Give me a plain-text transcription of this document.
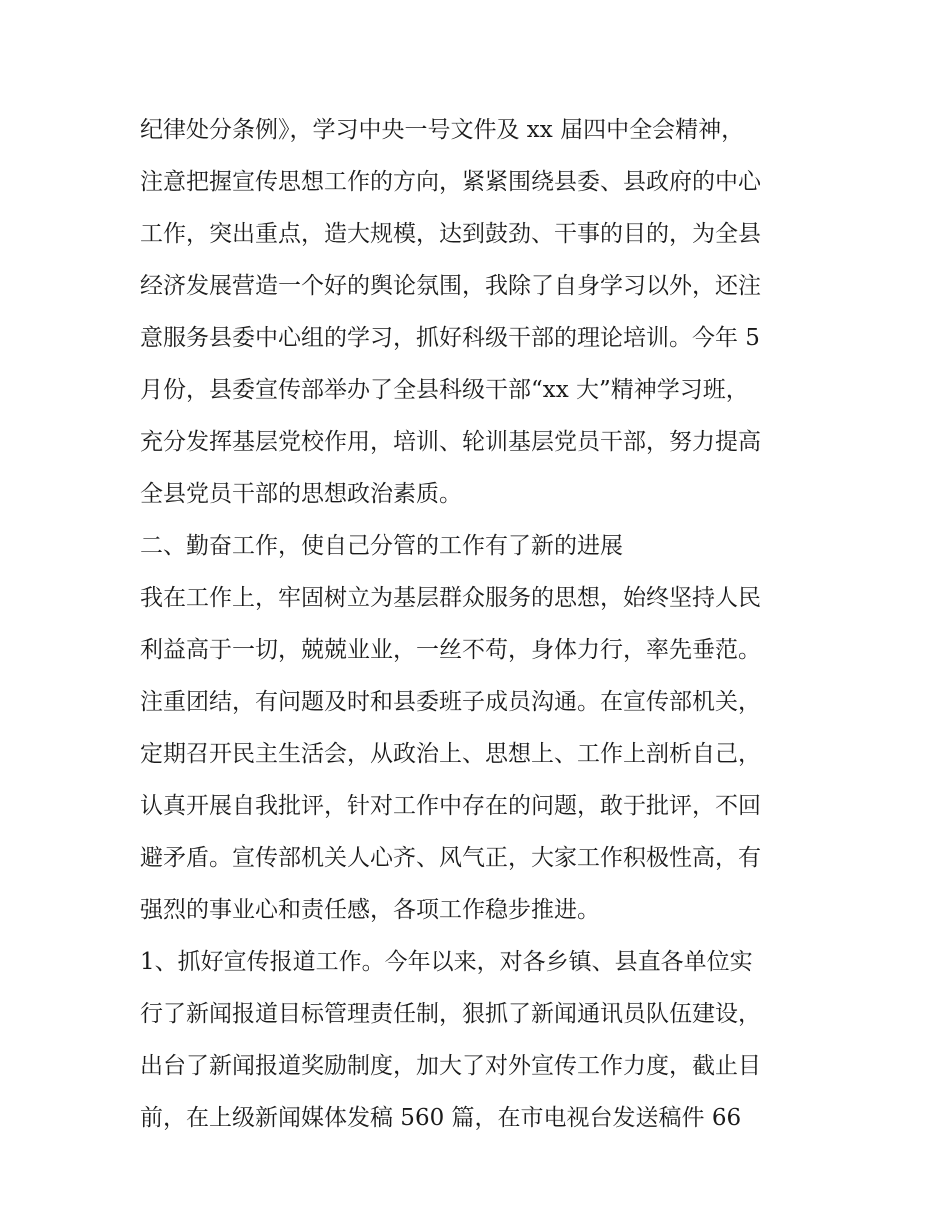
纪律处分条例》，学习中央一号文件及 xx 届四中全会精神，
注意把握宣传思想工作的方向，紧紧围绕县委、县政府的中心
工作，突出重点，造大规模，达到鼓劲、干事的目的，为全县
经济发展营造一个好的舆论氛围，我除了自身学习以外，还注
意服务县委中心组的学习，抓好科级干部的理论培训。今年 5
月份，县委宣传部举办了全县科级干部“xx 大”精神学习班，
充分发挥基层党校作用，培训、轮训基层党员干部，努力提高
全县党员干部的思想政治素质。
二、勤奋工作，使自己分管的工作有了新的进展
我在工作上，牢固树立为基层群众服务的思想，始终坚持人民
利益高于一切，兢兢业业，一丝不苟，身体力行，率先垂范。
注重团结，有问题及时和县委班子成员沟通。在宣传部机关，
定期召开民主生活会，从政治上、思想上、工作上剖析自己，
认真开展自我批评，针对工作中存在的问题，敢于批评，不回
避矛盾。宣传部机关人心齐、风气正，大家工作积极性高，有
强烈的事业心和责任感，各项工作稳步推进。
1、抓好宣传报道工作。今年以来，对各乡镇、县直各单位实
行了新闻报道目标管理责任制，狠抓了新闻通讯员队伍建设，
出台了新闻报道奖励制度，加大了对外宣传工作力度，截止目
前，在上级新闻媒体发稿 560 篇，在市电视台发送稿件 66
